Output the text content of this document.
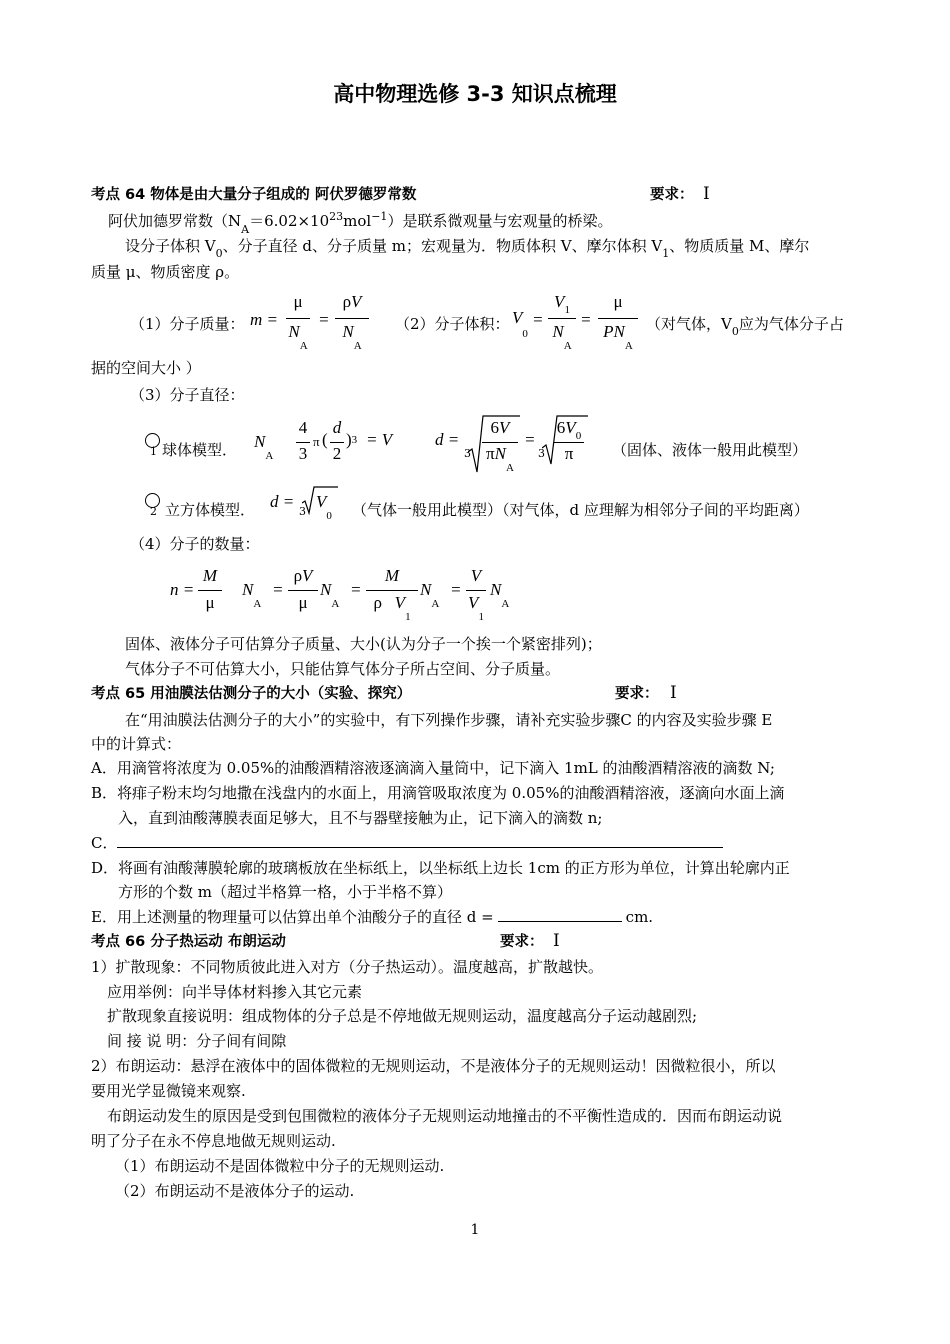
高中物理选修 3-3 知识点梳理
考点 64 物体是由大量分子组成的 阿伏罗德罗常数	要求： Ⅰ
阿伏加德罗常数$(N_A=6.02\times 10^{23}mol^{-1})$是联系微观量与宏观量的桥梁。
设分子体积 $V_0$、分子直径 d、分子质量 m；宏观量为．物质体积 V、摩尔体积 $V_1$、物质质量 M、摩尔
质量 μ、物质密度 ρ。
（1）分子质量： m =
μ
$N_A$
=
ρV
$N_A$
（2）分子体积： $V_0$
=
$V_1$
$N_A$
=
μ
$PN_A$
（对气体，$V_0$应为气体分子占
据的空间大小 ）
（3）分子直径：
1 球体模型． $N_A$
4
3
π (
d
2
)3 = V	d =
3
6V
$\pi N_A$
=
3
$6V_0$
π	（固体、液体一般用此模型）
2 立方体模型． d =
3
$V_0$ （气体一般用此模型）（对气体，d 应理解为相邻分子间的平均距离）
（4）分子的数量：
n =
M
μ
$N_A$
=
ρV
μ
$N_A$
=
M
ρ   $V_1$
$N_A$
=
V
$V_1$
$N_A$
固体、液体分子可估算分子质量、大小(认为分子一个挨一个紧密排列)；
气体分子不可估算大小，只能估算气体分子所占空间、分子质量。
考点 65 用油膜法估测分子的大小（实验、探究）	要求： Ⅰ
在“用油膜法估测分子的大小”的实验中，有下列操作步骤，请补充实验步骤C 的内容及实验步骤 E
中的计算式：
A．用滴管将浓度为 0.05%的油酸酒精溶液逐滴滴入量筒中，记下滴入 1mL 的油酸酒精溶液的滴数 N;
B．将痱子粉末均匀地撒在浅盘内的水面上，用滴管吸取浓度为 0.05%的油酸酒精溶液，逐滴向水面上滴
入，直到油酸薄膜表面足够大，且不与器壁接触为止，记下滴入的滴数 n;
C．
D．将画有油酸薄膜轮廓的玻璃板放在坐标纸上，以坐标纸上边长 1cm 的正方形为单位，计算出轮廓内正
方形的个数 m（超过半格算一格，小于半格不算）
E．用上述测量的物理量可以估算出单个油酸分子的直径 d =	cm.
考点 66 分子热运动 布朗运动	要求： Ⅰ
1）扩散现象：不同物质彼此进入对方（分子热运动）。温度越高，扩散越快。
应用举例：向半导体材料掺入其它元素
扩散现象直接说明：组成物体的分子总是不停地做无规则运动，温度越高分子运动越剧烈;
间 接 说 明：分子间有间隙
2）布朗运动：悬浮在液体中的固体微粒的无规则运动，不是液体分子的无规则运动！因微粒很小，所以
要用光学显微镜来观察.
布朗运动发生的原因是受到包围微粒的液体分子无规则运动地撞击的不平衡性造成的．因而布朗运动说
明了分子在永不停息地做无规则运动.
（1）布朗运动不是固体微粒中分子的无规则运动.
（2）布朗运动不是液体分子的运动.
1
